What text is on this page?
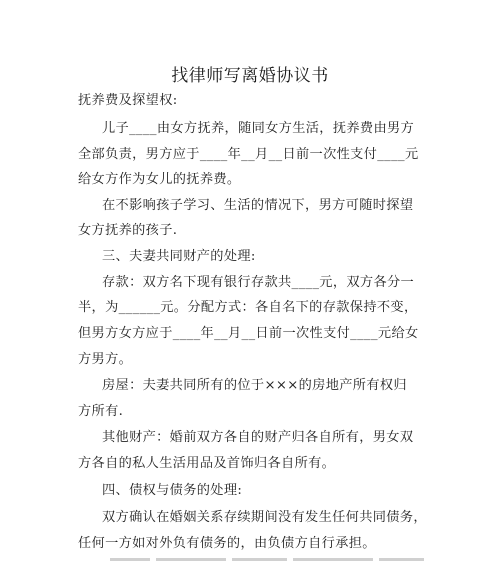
找律师写离婚协议书
抚养费及探望权:
儿子____由女方抚养，随同女方生活，抚养费由男方
全部负责，男方应于____年__月__日前一次性支付____元
给女方作为女儿的抚养费。
在不影响孩子学习、生活的情况下，男方可随时探望
女方抚养的孩子.
三、夫妻共同财产的处理:
存款：双方名下现有银行存款共____元，双方各分一
半，为______元。分配方式：各自名下的存款保持不变，
但男方女方应于____年__月__日前一次性支付____元给女
方男方。
房屋：夫妻共同所有的位于×××的房地产所有权归
方所有.
其他财产：婚前双方各自的财产归各自所有，男女双
方各自的私人生活用品及首饰归各自所有。
四、债权与债务的处理:
双方确认在婚姻关系存续期间没有发生任何共同债务，
任何一方如对外负有债务的，由负债方自行承担。
